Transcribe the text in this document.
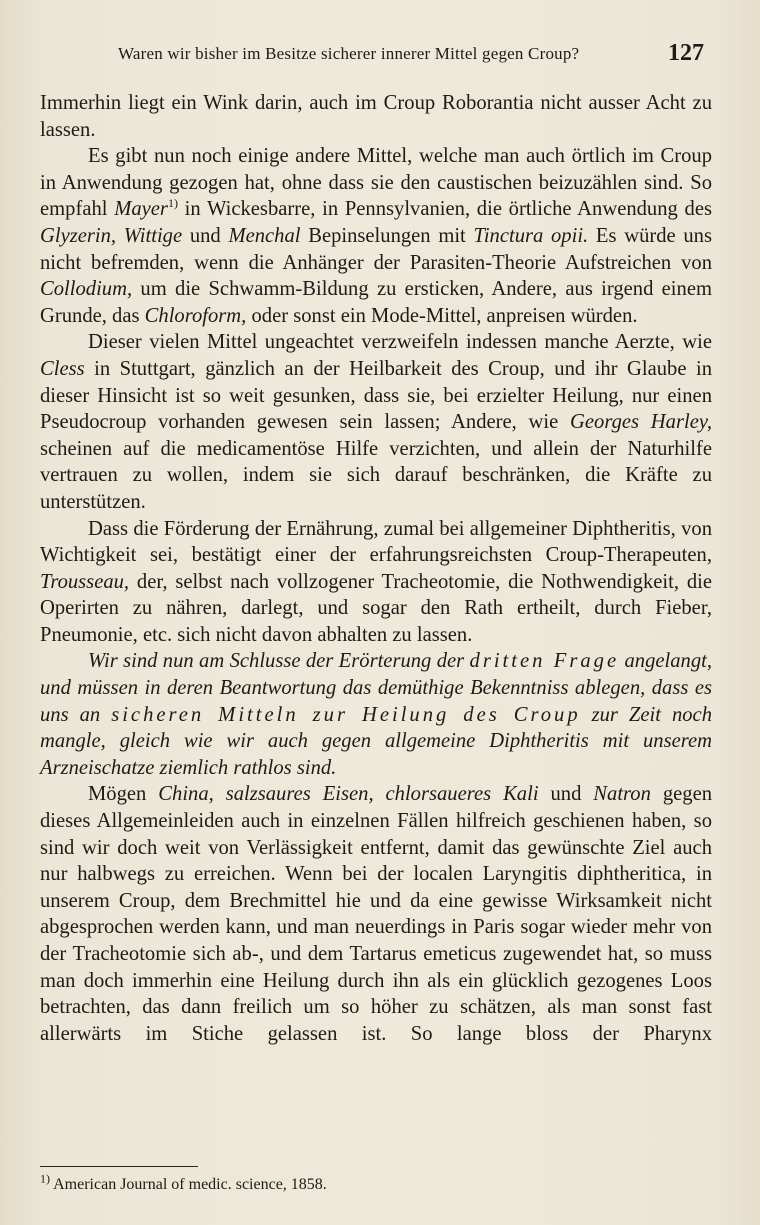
Waren wir bisher im Besitze sicherer innerer Mittel gegen Croup?	127

Immerhin liegt ein Wink darin, auch im Croup Roborantia nicht ausser Acht zu lassen.

Es gibt nun noch einige andere Mittel, welche man auch örtlich im Croup in Anwendung gezogen hat, ohne dass sie den caustischen beizuzählen sind. So empfahl Mayer$^{1)}$ in Wickesbarre, in Pennsylvanien, die örtliche Anwendung des Glyzerin, Wittige und Menchal Bepinselungen mit Tinctura opii. Es würde uns nicht befremden, wenn die Anhänger der Parasiten-Theorie Aufstreichen von Collodium, um die Schwamm-Bildung zu ersticken, Andere, aus irgend einem Grunde, das Chloroform, oder sonst ein Mode-Mittel, anpreisen würden.

Dieser vielen Mittel ungeachtet verzweifeln indessen manche Aerzte, wie Cless in Stuttgart, gänzlich an der Heilbarkeit des Croup, und ihr Glaube in dieser Hinsicht ist so weit gesunken, dass sie, bei erzielter Heilung, nur einen Pseudocroup vorhanden gewesen sein lassen; Andere, wie Georges Harley, scheinen auf die medicamentöse Hilfe verzichten, und allein der Naturhilfe vertrauen zu wollen, indem sie sich darauf beschränken, die Kräfte zu unterstützen.

Dass die Förderung der Ernährung, zumal bei allgemeiner Diphtheritis, von Wichtigkeit sei, bestätigt einer der erfahrungsreichsten Croup-Therapeuten, Trousseau, der, selbst nach vollzogener Tracheotomie, die Nothwendigkeit, die Operirten zu nähren, darlegt, und sogar den Rath ertheilt, durch Fieber, Pneumonie, etc. sich nicht davon abhalten zu lassen.

Wir sind nun am Schlusse der Erörterung der dritten Frage angelangt, und müssen in deren Beantwortung das demüthige Bekenntniss ablegen, dass es uns an sicheren Mitteln zur Heilung des Croup zur Zeit noch mangle, gleich wie wir auch gegen allgemeine Diphtheritis mit unserem Arzneischatze ziemlich rathlos sind.

Mögen China, salzsaures Eisen, chlorsaueres Kali und Natron gegen dieses Allgemeinleiden auch in einzelnen Fällen hilfreich geschienen haben, so sind wir doch weit von Verlässigkeit entfernt, damit das gewünschte Ziel auch nur halbwegs zu erreichen. Wenn bei der localen Laryngitis diphtheritica, in unserem Croup, dem Brechmittel hie und da eine gewisse Wirksamkeit nicht abgesprochen werden kann, und man neuerdings in Paris sogar wieder mehr von der Tracheotomie sich ab-, und dem Tartarus emeticus zugewendet hat, so muss man doch immerhin eine Heilung durch ihn als ein glücklich gezogenes Loos betrachten, das dann freilich um so höher zu schätzen, als man sonst fast allerwärts im Stiche gelassen ist. So lange bloss der Pharynx

$^{1)}$ American Journal of medic. science, 1858.
